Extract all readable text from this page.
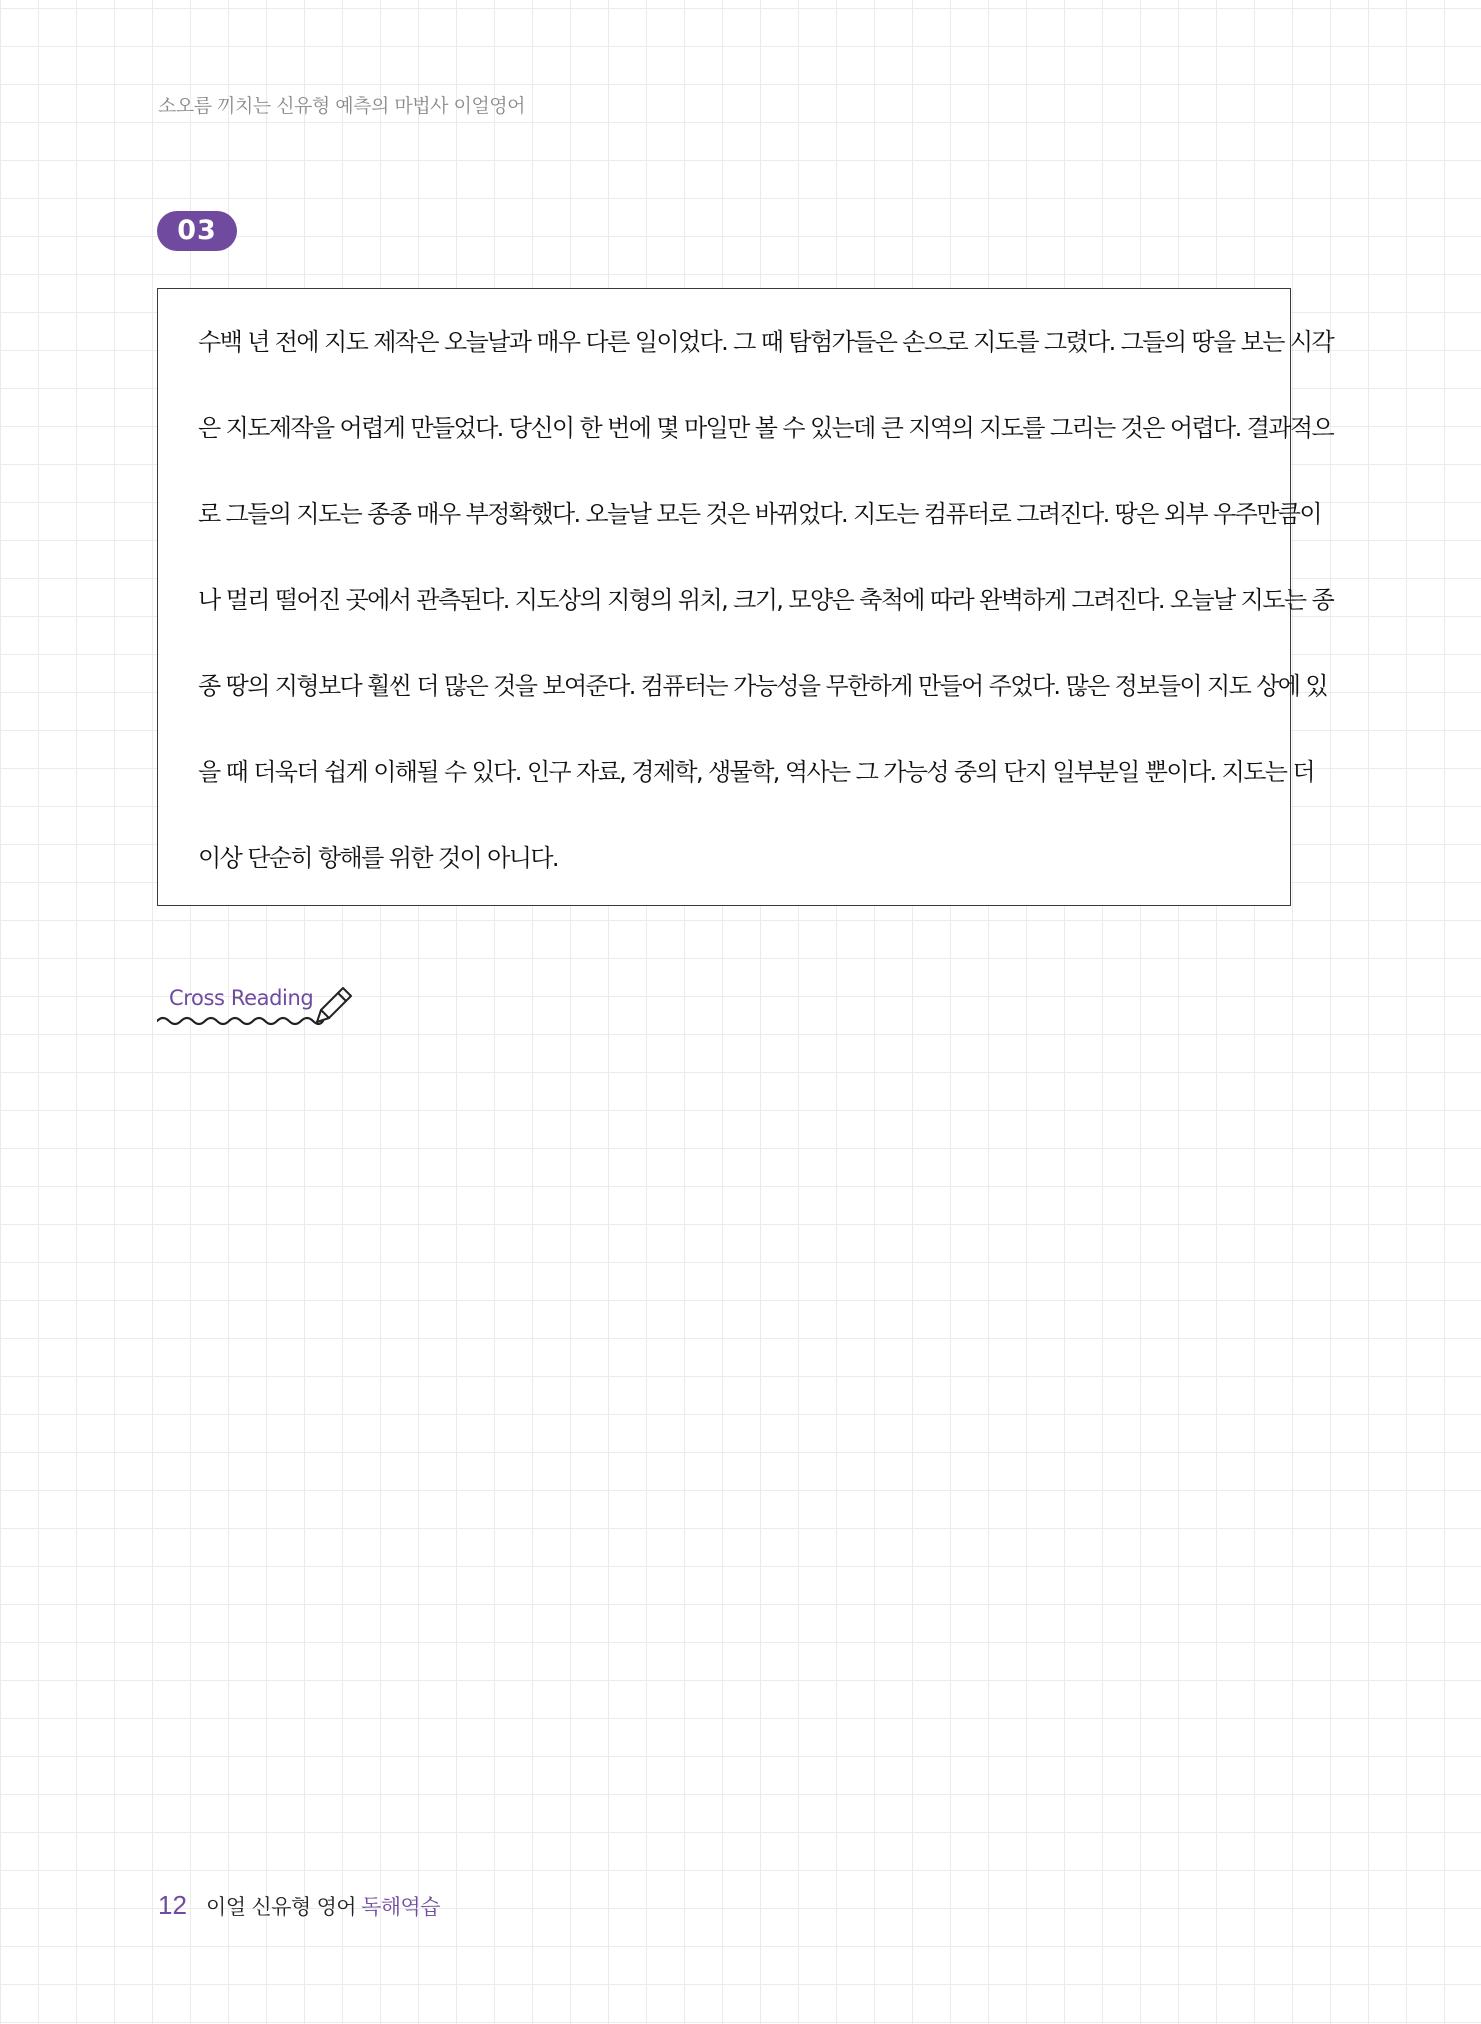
소오름 끼치는 신유형 예측의 마법사 이얼영어
03
수백 년 전에 지도 제작은 오늘날과 매우 다른 일이었다. 그 때 탐험가들은 손으로 지도를 그렸다. 그들의 땅을 보는 시각
은 지도제작을 어렵게 만들었다. 당신이 한 번에 몇 마일만 볼 수 있는데 큰 지역의 지도를 그리는 것은 어렵다. 결과적으
로 그들의 지도는 종종 매우 부정확했다. 오늘날 모든 것은 바뀌었다. 지도는 컴퓨터로 그려진다. 땅은 외부 우주만큼이
나 멀리 떨어진 곳에서 관측된다. 지도상의 지형의 위치, 크기, 모양은 축척에 따라 완벽하게 그려진다. 오늘날 지도는 종
종 땅의 지형보다 훨씬 더 많은 것을 보여준다. 컴퓨터는 가능성을 무한하게 만들어 주었다. 많은 정보들이 지도 상에 있
을 때 더욱더 쉽게 이해될 수 있다. 인구 자료, 경제학, 생물학, 역사는 그 가능성 중의 단지 일부분일 뿐이다. 지도는 더
이상 단순히 항해를 위한 것이 아니다.
Cross Reading
12 이얼 신유형 영어 독해역습
